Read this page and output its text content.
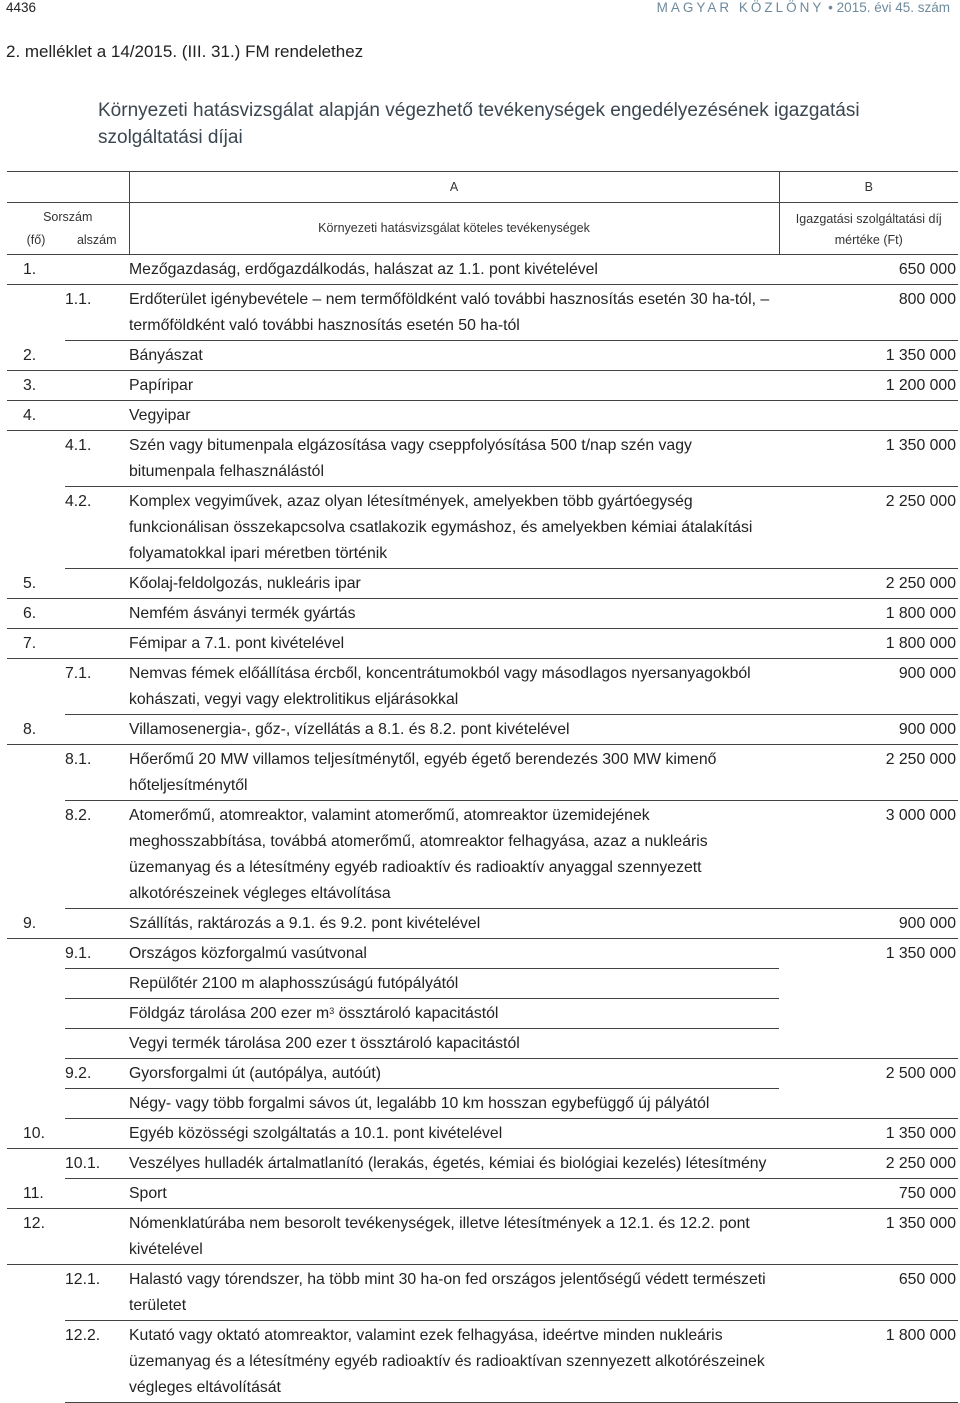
4436	MAGYAR KÖZLÖNY • 2015. évi 45. szám
2. melléklet a 14/2015. (III. 31.) FM rendelethez
Környezeti hatásvizsgálat alapján végezhető tevékenységek engedélyezésének igazgatási szolgáltatási díjai
		A	B
Sorszám		Környezeti hatásvizsgálat köteles tevékenységek	Igazgatási szolgáltatási díj
(fő)	alszám		mértéke (Ft)
1.		Mezőgazdaság, erdőgazdálkodás, halászat az 1.1. pont kivételével	650 000
	1.1.	Erdőterület igénybevétele – nem termőföldként való további hasznosítás esetén 30 ha-tól, – termőföldként való további hasznosítás esetén 50 ha-tól	800 000
2.		Bányászat	1 350 000
3.		Papíripar	1 200 000
4.		Vegyipar	
	4.1.	Szén vagy bitumenpala elgázosítása vagy cseppfolyósítása 500 t/nap szén vagy bitumenpala felhasználástól	1 350 000
	4.2.	Komplex vegyiművek, azaz olyan létesítmények, amelyekben több gyártóegység funkcionálisan összekapcsolva csatlakozik egymáshoz, és amelyekben kémiai átalakítási folyamatokkal ipari méretben történik	2 250 000
5.		Kőolaj-feldolgozás, nukleáris ipar	2 250 000
6.		Nemfém ásványi termék gyártás	1 800 000
7.		Fémipar a 7.1. pont kivételével	1 800 000
	7.1.	Nemvas fémek előállítása ércből, koncentrátumokból vagy másodlagos nyersanyagokból kohászati, vegyi vagy elektrolitikus eljárásokkal	900 000
8.		Villamosenergia-, gőz-, vízellátás a 8.1. és 8.2. pont kivételével	900 000
	8.1.	Hőerőmű 20 MW villamos teljesítménytől, egyéb égető berendezés 300 MW kimenő hőteljesítménytől	2 250 000
	8.2.	Atomerőmű, atomreaktor, valamint atomerőmű, atomreaktor üzemidejének meghosszabbítása, továbbá atomerőmű, atomreaktor felhagyása, azaz a nukleáris üzemanyag és a létesítmény egyéb radioaktív és radioaktív anyaggal szennyezett alkotórészeinek végleges eltávolítása	3 000 000
9.		Szállítás, raktározás a 9.1. és 9.2. pont kivételével	900 000
	9.1.	Országos közforgalmú vasútvonal	1 350 000
		Repülőtér 2100 m alaphosszúságú futópályától	
		Földgáz tárolása 200 ezer $m^3$ össztároló kapacitástól	
		Vegyi termék tárolása 200 ezer t össztároló kapacitástól	
	9.2.	Gyorsforgalmi út (autópálya, autóút)	2 500 000
		Négy- vagy több forgalmi sávos út, legalább 10 km hosszan egybefüggő új pályától	
10.		Egyéb közösségi szolgáltatás a 10.1. pont kivételével	1 350 000
	10.1.	Veszélyes hulladék ártalmatlanító (lerakás, égetés, kémiai és biológiai kezelés) létesítmény	2 250 000
11.		Sport	750 000
12.		Nómenklatúrába nem besorolt tevékenységek, illetve létesítmények a 12.1. és 12.2. pont kivételével	1 350 000
	12.1.	Halastó vagy tórendszer, ha több mint 30 ha-on fed országos jelentőségű védett természeti területet	650 000
	12.2.	Kutató vagy oktató atomreaktor, valamint ezek felhagyása, ideértve minden nukleáris üzemanyag és a létesítmény egyéb radioaktív és radioaktívan szennyezett alkotórészeinek végleges eltávolítását	1 800 000
